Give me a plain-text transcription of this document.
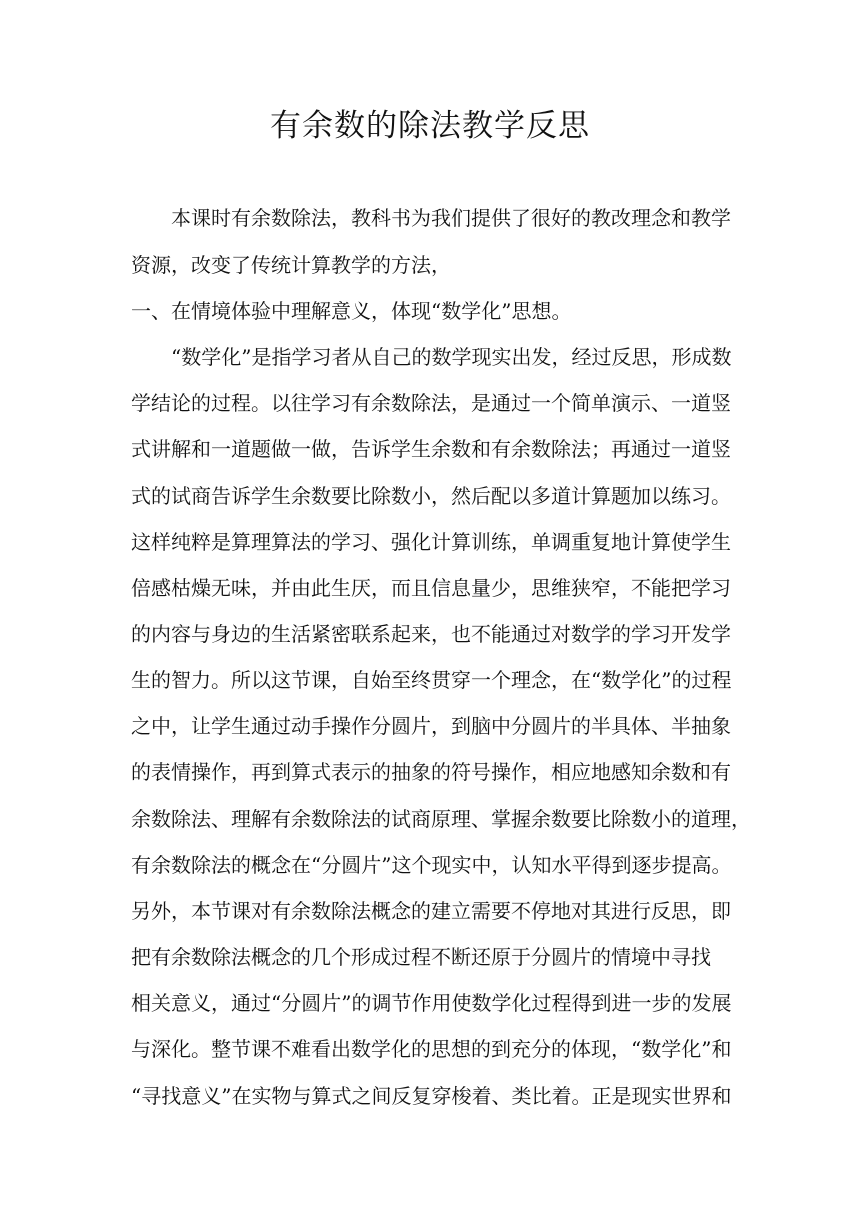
有余数的除法教学反思

本课时有余数除法，教科书为我们提供了很好的教改理念和教学

资源，改变了传统计算教学的方法，

一、在情境体验中理解意义，体现“数学化”思想。

“数学化”是指学习者从自己的数学现实出发，经过反思，形成数

学结论的过程。以往学习有余数除法，是通过一个简单演示、一道竖

式讲解和一道题做一做，告诉学生余数和有余数除法；再通过一道竖

式的试商告诉学生余数要比除数小，然后配以多道计算题加以练习。

这样纯粹是算理算法的学习、强化计算训练，单调重复地计算使学生

倍感枯燥无味，并由此生厌，而且信息量少，思维狭窄，不能把学习

的内容与身边的生活紧密联系起来，也不能通过对数学的学习开发学

生的智力。所以这节课，自始至终贯穿一个理念，在“数学化”的过程

之中，让学生通过动手操作分圆片，到脑中分圆片的半具体、半抽象

的表情操作，再到算式表示的抽象的符号操作，相应地感知余数和有

余数除法、理解有余数除法的试商原理、掌握余数要比除数小的道理，

有余数除法的概念在“分圆片”这个现实中，认知水平得到逐步提高。

另外，本节课对有余数除法概念的建立需要不停地对其进行反思，即

把有余数除法概念的几个形成过程不断还原于分圆片的情境中寻找

相关意义，通过“分圆片”的调节作用使数学化过程得到进一步的发展

与深化。整节课不难看出数学化的思想的到充分的体现，“数学化”和

“寻找意义”在实物与算式之间反复穿梭着、类比着。正是现实世界和
